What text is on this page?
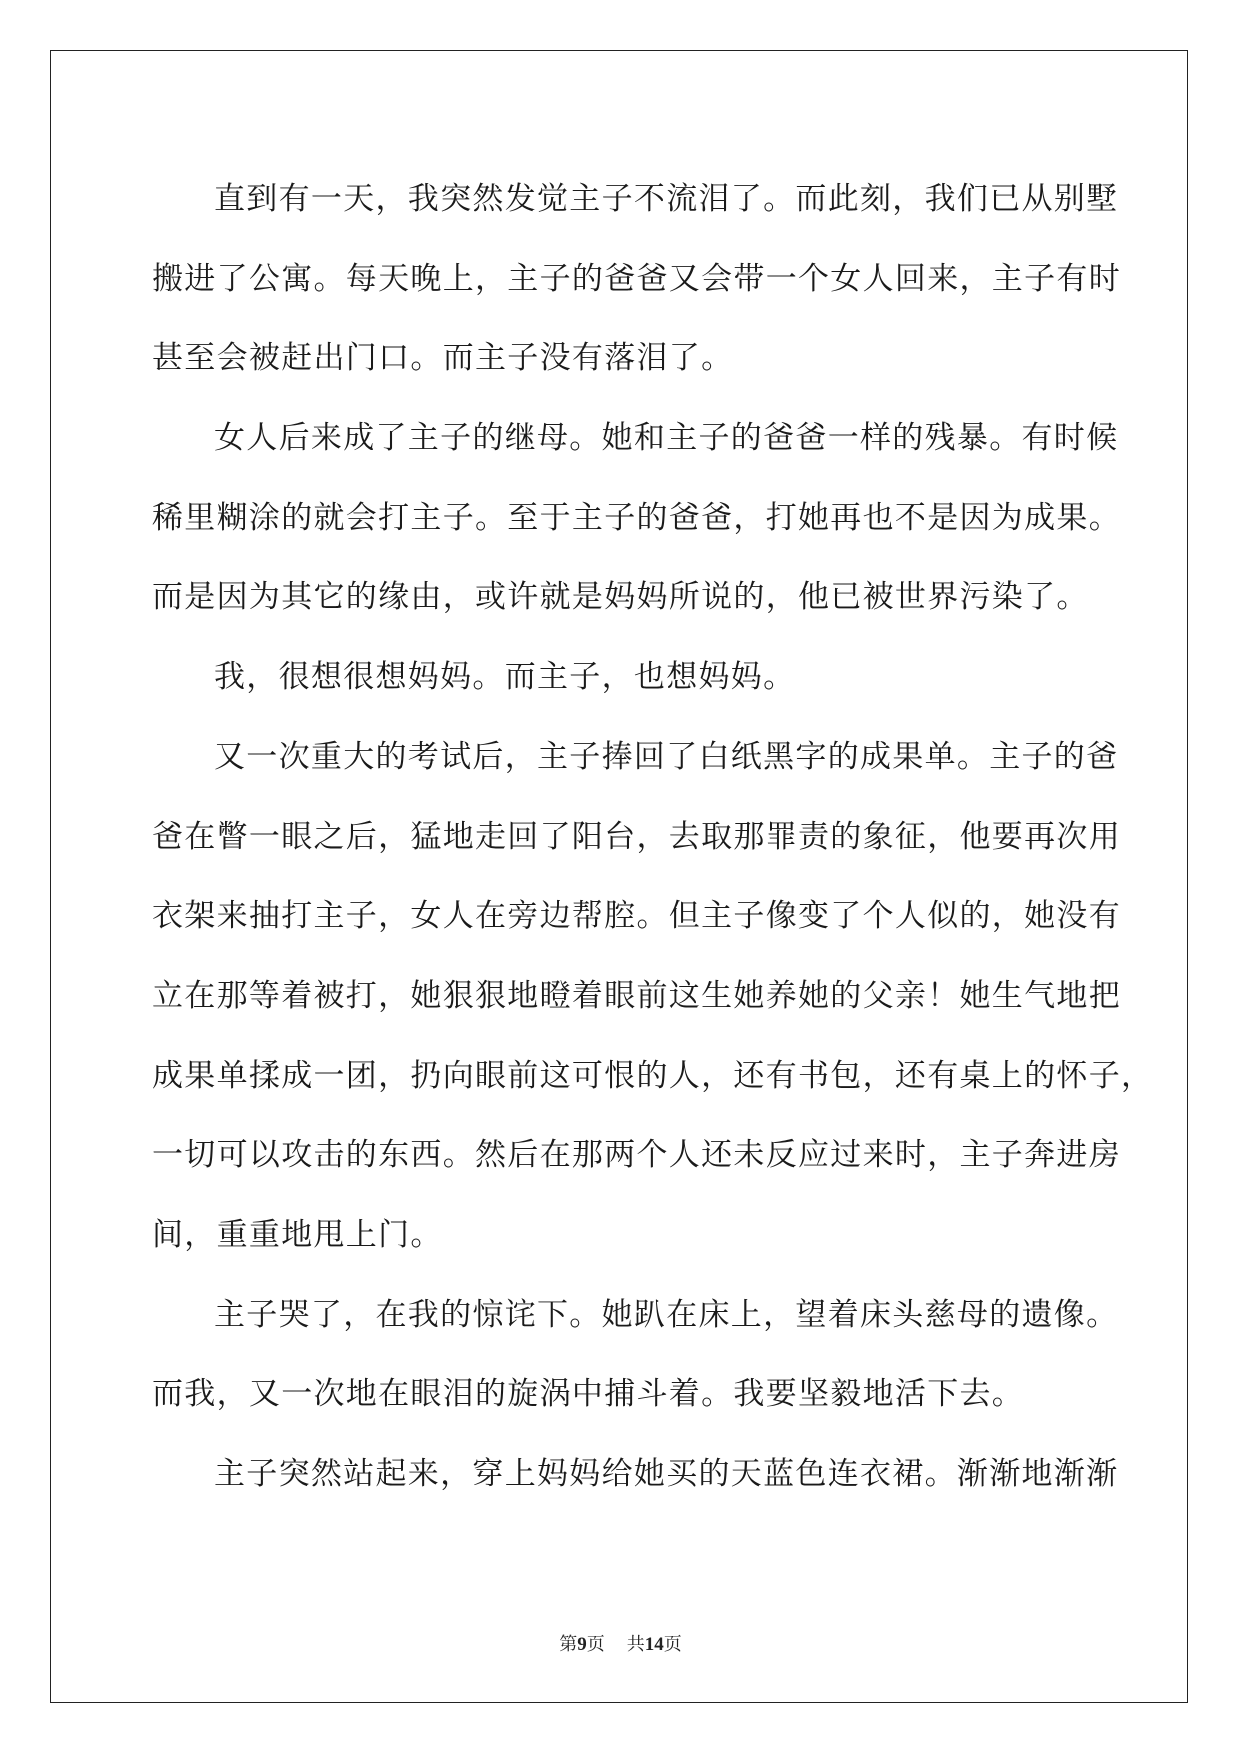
直到有一天，我突然发觉主子不流泪了。而此刻，我们已从别墅
搬进了公寓。每天晚上，主子的爸爸又会带一个女人回来，主子有时
甚至会被赶出门口。而主子没有落泪了。
女人后来成了主子的继母。她和主子的爸爸一样的残暴。有时候
稀里糊涂的就会打主子。至于主子的爸爸，打她再也不是因为成果。
而是因为其它的缘由，或许就是妈妈所说的，他已被世界污染了。
我，很想很想妈妈。而主子，也想妈妈。
又一次重大的考试后，主子捧回了白纸黑字的成果单。主子的爸
爸在瞥一眼之后，猛地走回了阳台，去取那罪责的象征，他要再次用
衣架来抽打主子，女人在旁边帮腔。但主子像变了个人似的，她没有
立在那等着被打，她狠狠地瞪着眼前这生她养她的父亲！她生气地把
成果单揉成一团，扔向眼前这可恨的人，还有书包，还有桌上的怀子，
一切可以攻击的东西。然后在那两个人还未反应过来时，主子奔进房
间，重重地甩上门。
主子哭了，在我的惊诧下。她趴在床上，望着床头慈母的遗像。
而我，又一次地在眼泪的旋涡中捕斗着。我要坚毅地活下去。
主子突然站起来，穿上妈妈给她买的天蓝色连衣裙。渐渐地渐渐
第9页 共14页
